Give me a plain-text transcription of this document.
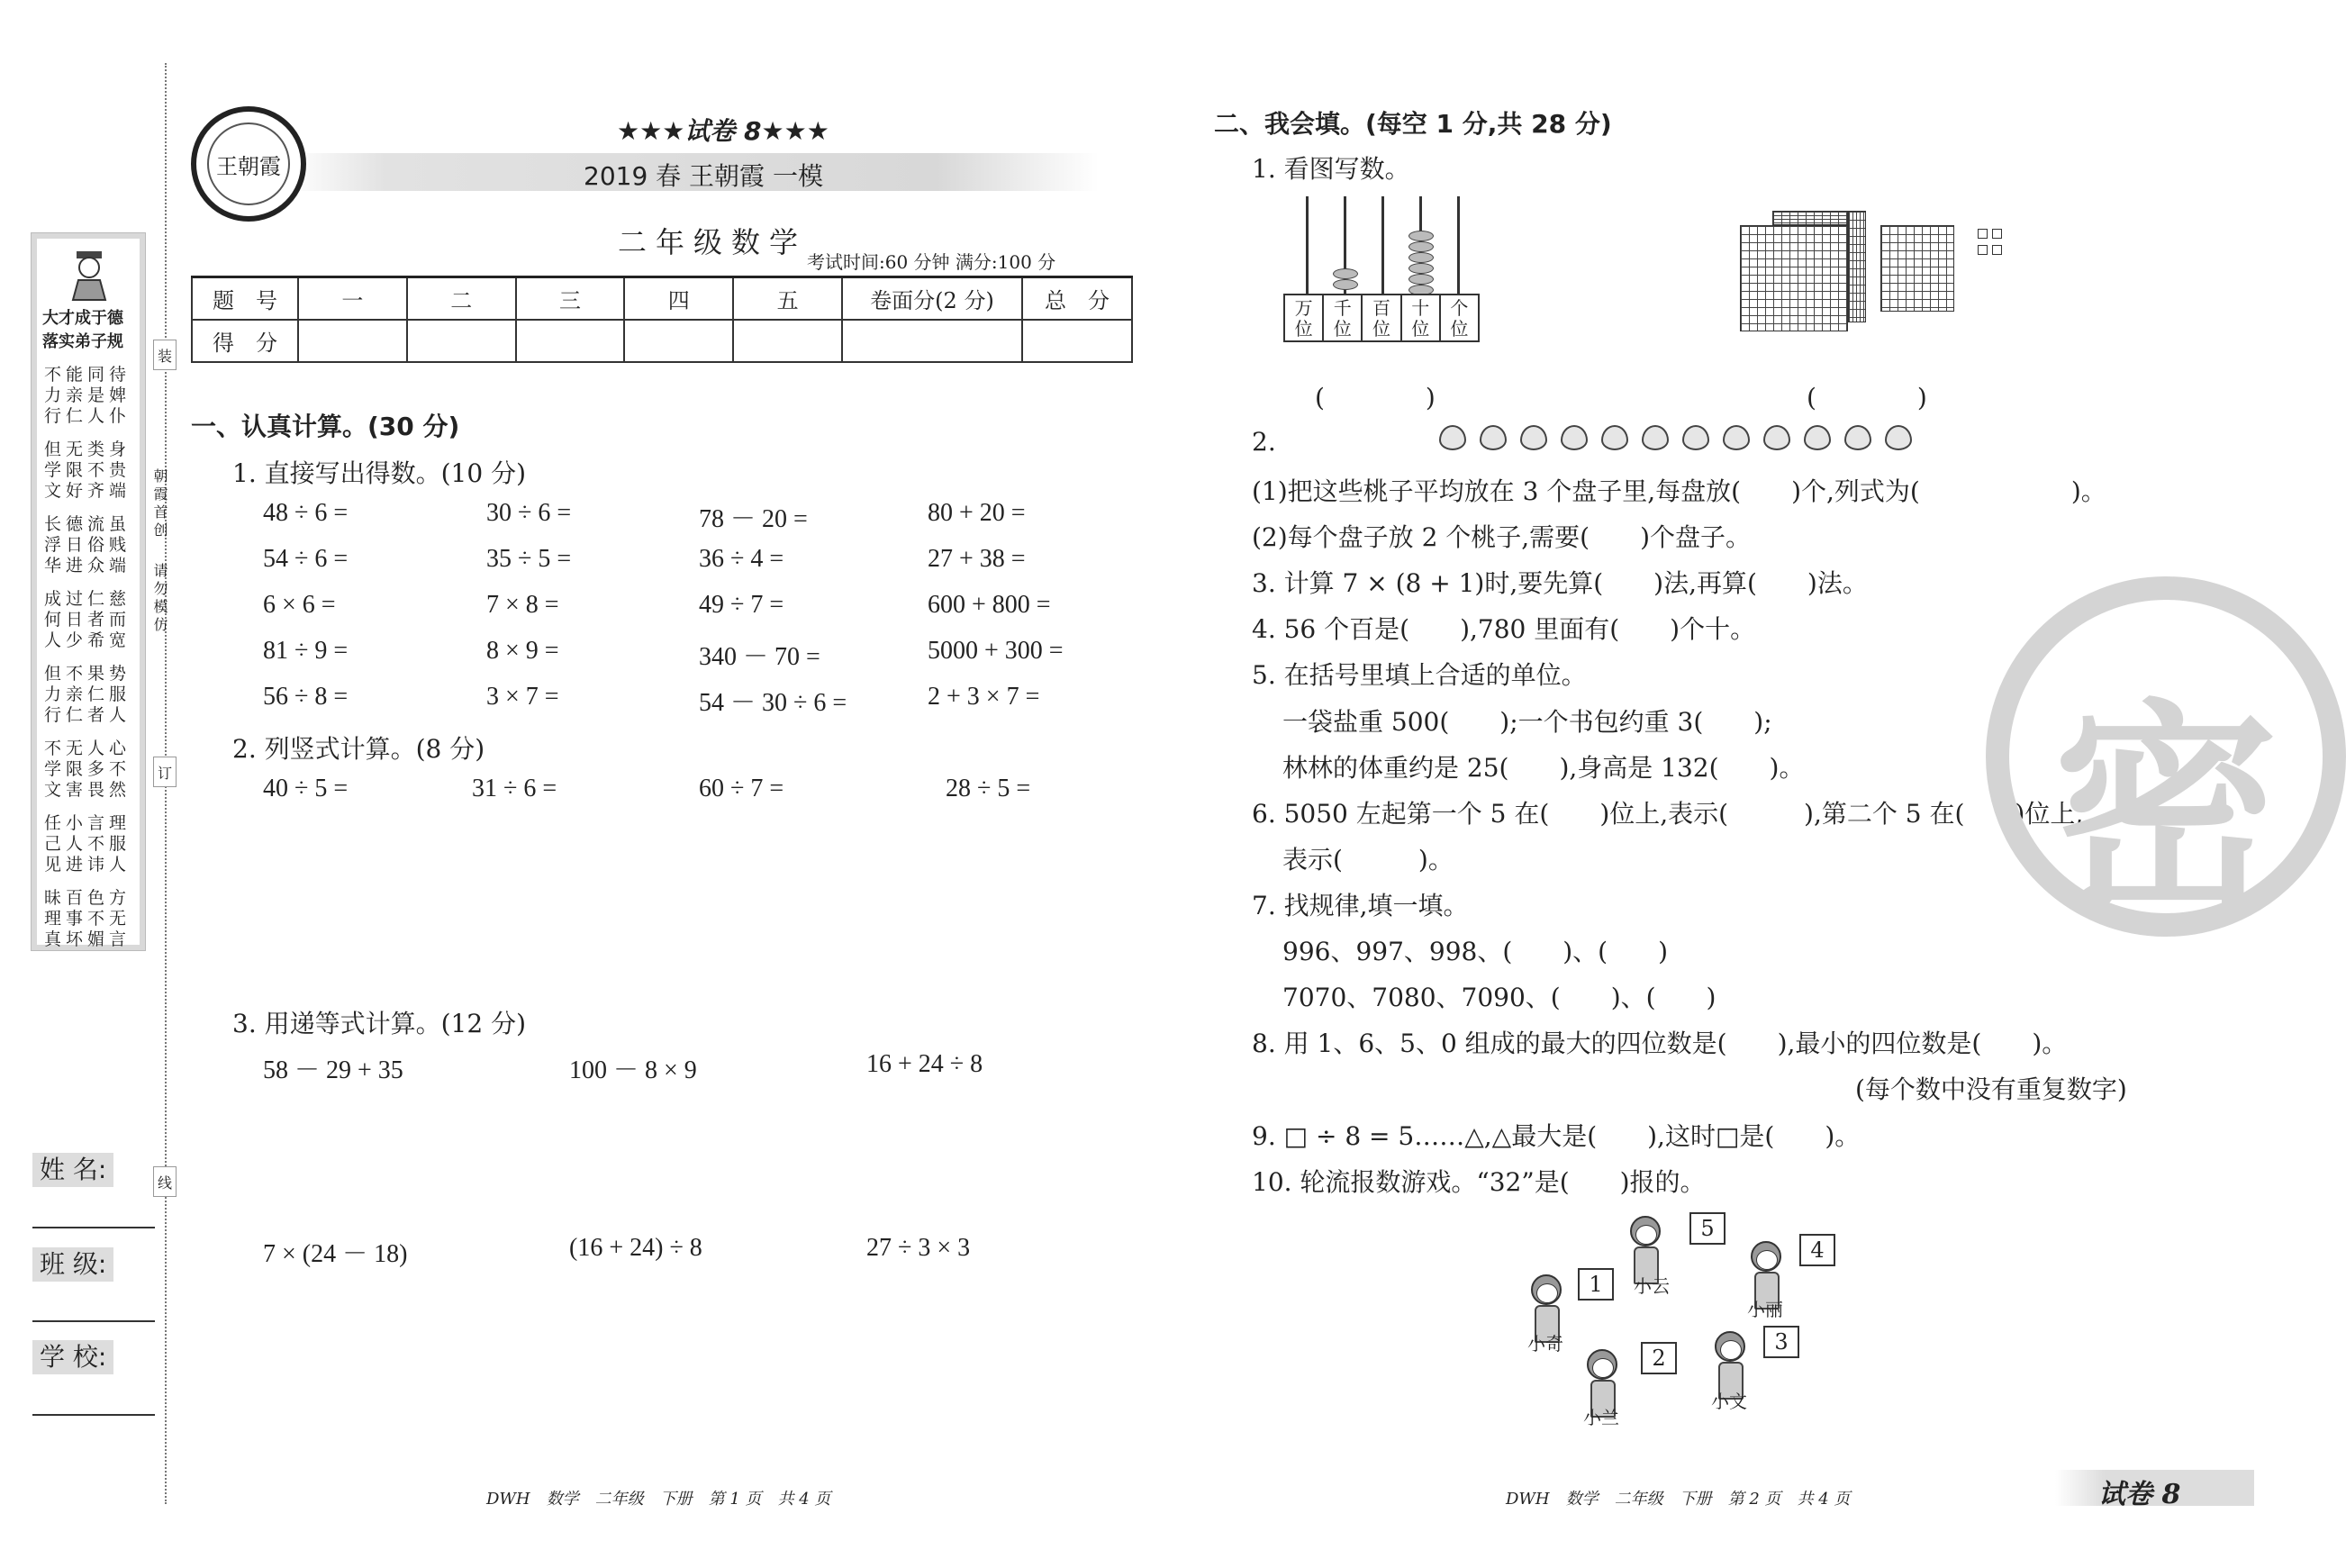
大才成于德
落实弟子规
不能同待
力亲是婢
行仁人仆
但无类身
学限不贵
文好齐端
长德流虽
浮日俗贱
华进众端
成过仁慈
何日者而
人少希宽
但不果势
力亲仁服
行仁者人
不无人心
学限多不
文害畏然
任小言理
己人不服
见进讳人
昧百色方
理事不无
真坏媚言
装
订
线
朝霞首创
请勿模仿
姓 名:
班 级:
学 校:
王朝霞
★★★试卷 8★★★
2019 春 王朝霞 一模
二年级数学
考试时间:60 分钟 满分:100 分
题　号	一	二	三	四	五	卷面分(2 分)	总　分
得　分							
一、认真计算。(30 分)
1. 直接写出得数。(10 分)
48 ÷ 6 =	30 ÷ 6 =	78 － 20 =	80 + 20 =
54 ÷ 6 =	35 ÷ 5 =	36 ÷ 4 =	27 + 38 =
6 × 6 =	7 × 8 =	49 ÷ 7 =	600 + 800 =
81 ÷ 9 =	8 × 9 =	340 － 70 =	5000 + 300 =
56 ÷ 8 =	3 × 7 =	54 － 30 ÷ 6 =	2 + 3 × 7 =
2. 列竖式计算。(8 分)
40 ÷ 5 =	31 ÷ 6 =	60 ÷ 7 =	28 ÷ 5 =
3. 用递等式计算。(12 分)
58 － 29 + 35	100 － 8 × 9	16 + 24 ÷ 8
7 × (24 － 18)	(16 + 24) ÷ 8	27 ÷ 3 × 3
DWH　数学　二年级　下册　第 1 页　共 4 页
二、我会填。(每空 1 分,共 28 分)
1. 看图写数。
万
位
千
位
百
位
十
位
个
位
(　　　　)	(　　　　)
2.
(1)把这些桃子平均放在 3 个盘子里,每盘放(　　)个,列式为(　　　　　　)。
(2)每个盘子放 2 个桃子,需要(　　)个盘子。
3. 计算 7 × (8 + 1)时,要先算(　　)法,再算(　　)法。
4. 56 个百是(　　),780 里面有(　　)个十。
5. 在括号里填上合适的单位。
一袋盐重 500(　　);一个书包约重 3(　　);
林林的体重约是 25(　　),身高是 132(　　)。
6. 5050 左起第一个 5 在(　　)位上,表示(　　　),第二个 5 在(　　)位上,
表示(　　　)。
7. 找规律,填一填。
996、997、998、(　　)、(　　)
7070、7080、7090、(　　)、(　　)
8. 用 1、6、5、0 组成的最大的四位数是(　　),最小的四位数是(　　)。
(每个数中没有重复数字)
9. □ ÷ 8 = 5……△,△最大是(　　),这时□是(　　)。
10. 轮流报数游戏。“32”是(　　)报的。
密
1
小奇
2
小兰
5
小云
4
小丽
3
小文
DWH　数学　二年级　下册　第 2 页　共 4 页	试卷 8
